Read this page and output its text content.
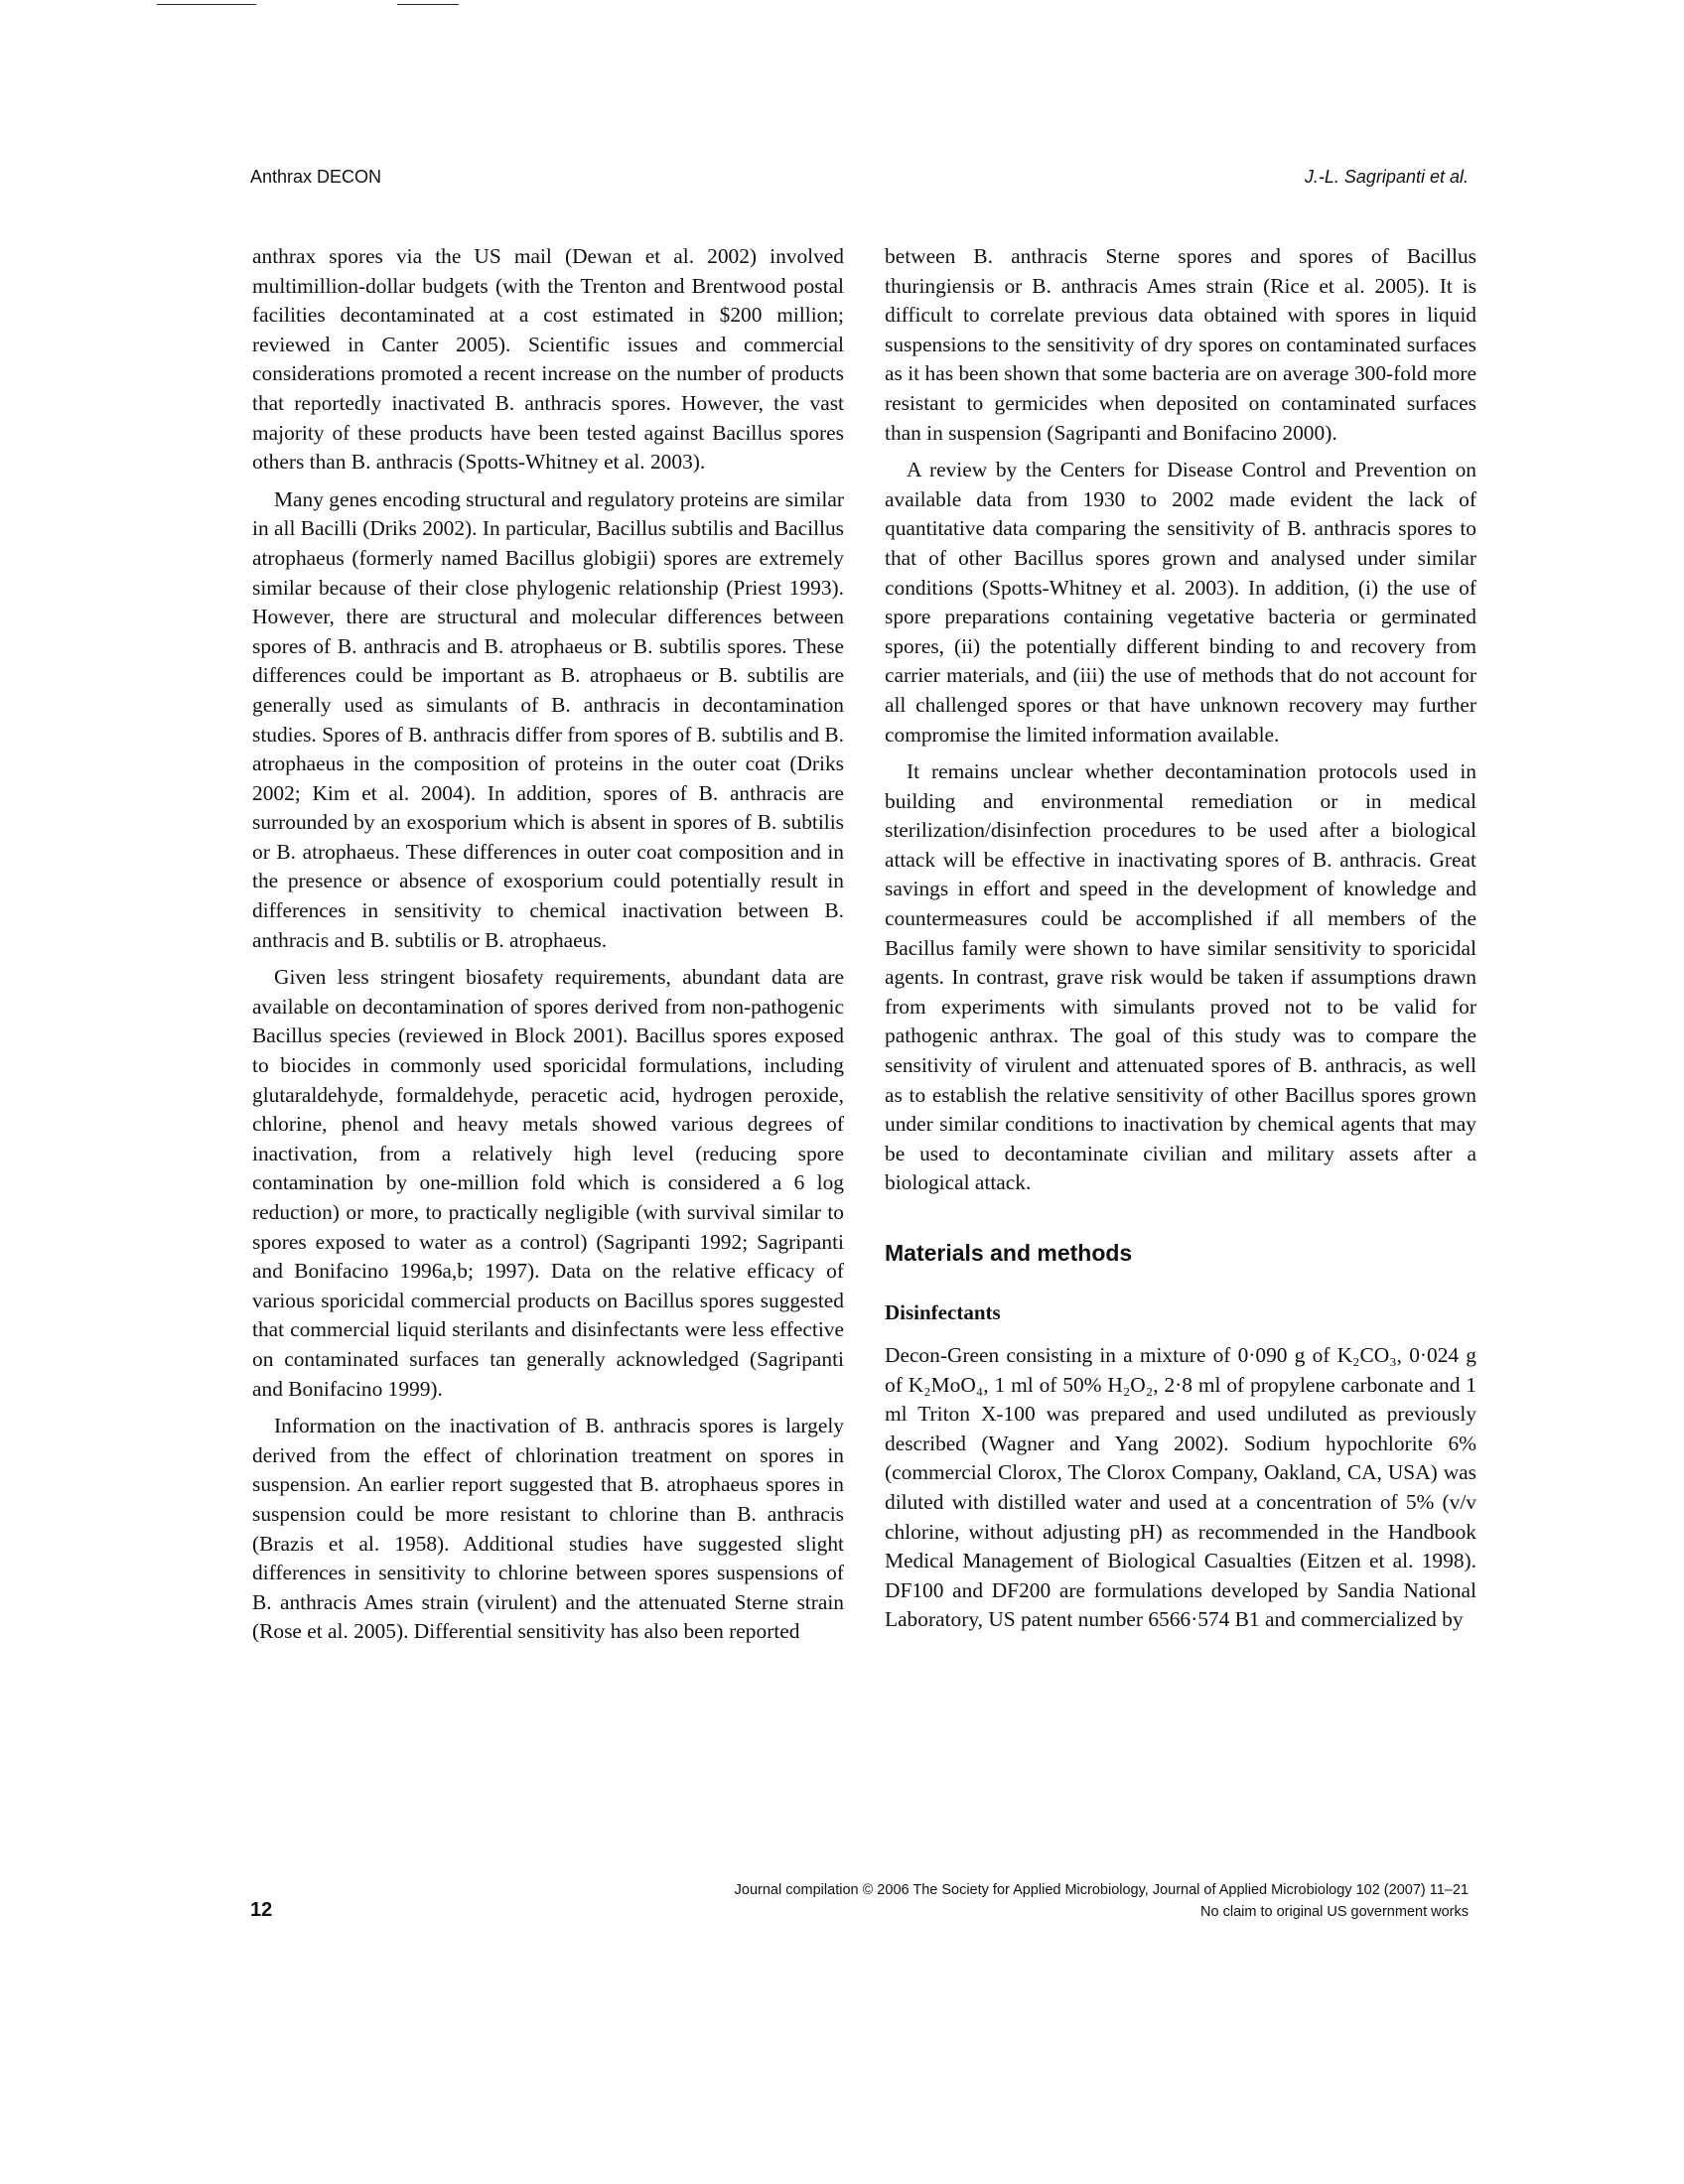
Anthrax DECON	J.-L. Sagripanti et al.

anthrax spores via the US mail (Dewan et al. 2002) involved multimillion-dollar budgets (with the Trenton and Brentwood postal facilities decontaminated at a cost estimated in $200 million; reviewed in Canter 2005). Scientific issues and commercial considerations promoted a recent increase on the number of products that reportedly inactivated B. anthracis spores. However, the vast majority of these products have been tested against Bacillus spores others than B. anthracis (Spotts-Whitney et al. 2003).

Many genes encoding structural and regulatory proteins are similar in all Bacilli (Driks 2002). In particular, Bacillus subtilis and Bacillus atrophaeus (formerly named Bacillus globigii) spores are extremely similar because of their close phylogenic relationship (Priest 1993). However, there are structural and molecular differences between spores of B. anthracis and B. atrophaeus or B. subtilis spores. These differences could be important as B. atrophaeus or B. subtilis are generally used as simulants of B. anthracis in decontamination studies. Spores of B. anthracis differ from spores of B. subtilis and B. atrophaeus in the composition of proteins in the outer coat (Driks 2002; Kim et al. 2004). In addition, spores of B. anthracis are surrounded by an exosporium which is absent in spores of B. subtilis or B. atrophaeus. These differences in outer coat composition and in the presence or absence of exosporium could potentially result in differences in sensitivity to chemical inactivation between B. anthracis and B. subtilis or B. atrophaeus.

Given less stringent biosafety requirements, abundant data are available on decontamination of spores derived from non-pathogenic Bacillus species (reviewed in Block 2001). Bacillus spores exposed to biocides in commonly used sporicidal formulations, including glutaraldehyde, formaldehyde, peracetic acid, hydrogen peroxide, chlorine, phenol and heavy metals showed various degrees of inactivation, from a relatively high level (reducing spore contamination by one-million fold which is considered a 6 log reduction) or more, to practically negligible (with survival similar to spores exposed to water as a control) (Sagripanti 1992; Sagripanti and Bonifacino 1996a,b; 1997). Data on the relative efficacy of various sporicidal commercial products on Bacillus spores suggested that commercial liquid sterilants and disinfectants were less effective on contaminated surfaces tan generally acknowledged (Sagripanti and Bonifacino 1999).

Information on the inactivation of B. anthracis spores is largely derived from the effect of chlorination treatment on spores in suspension. An earlier report suggested that B. atrophaeus spores in suspension could be more resistant to chlorine than B. anthracis (Brazis et al. 1958). Additional studies have suggested slight differences in sensitivity to chlorine between spores suspensions of B. anthracis Ames strain (virulent) and the attenuated Sterne strain (Rose et al. 2005). Differential sensitivity has also been reported

between B. anthracis Sterne spores and spores of Bacillus thuringiensis or B. anthracis Ames strain (Rice et al. 2005). It is difficult to correlate previous data obtained with spores in liquid suspensions to the sensitivity of dry spores on contaminated surfaces as it has been shown that some bacteria are on average 300-fold more resistant to germicides when deposited on contaminated surfaces than in suspension (Sagripanti and Bonifacino 2000).

A review by the Centers for Disease Control and Prevention on available data from 1930 to 2002 made evident the lack of quantitative data comparing the sensitivity of B. anthracis spores to that of other Bacillus spores grown and analysed under similar conditions (Spotts-Whitney et al. 2003). In addition, (i) the use of spore preparations containing vegetative bacteria or germinated spores, (ii) the potentially different binding to and recovery from carrier materials, and (iii) the use of methods that do not account for all challenged spores or that have unknown recovery may further compromise the limited information available.

It remains unclear whether decontamination protocols used in building and environmental remediation or in medical sterilization/disinfection procedures to be used after a biological attack will be effective in inactivating spores of B. anthracis. Great savings in effort and speed in the development of knowledge and countermeasures could be accomplished if all members of the Bacillus family were shown to have similar sensitivity to sporicidal agents. In contrast, grave risk would be taken if assumptions drawn from experiments with simulants proved not to be valid for pathogenic anthrax. The goal of this study was to compare the sensitivity of virulent and attenuated spores of B. anthracis, as well as to establish the relative sensitivity of other Bacillus spores grown under similar conditions to inactivation by chemical agents that may be used to decontaminate civilian and military assets after a biological attack.

Materials and methods
Disinfectants

Decon-Green consisting in a mixture of 0·090 g of K₂CO₃, 0·024 g of K₂MoO₄, 1 ml of 50% H₂O₂, 2·8 ml of propylene carbonate and 1 ml Triton X-100 was prepared and used undiluted as previously described (Wagner and Yang 2002). Sodium hypochlorite 6% (commercial Clorox, The Clorox Company, Oakland, CA, USA) was diluted with distilled water and used at a concentration of 5% (v/v chlorine, without adjusting pH) as recommended in the Handbook Medical Management of Biological Casualties (Eitzen et al. 1998). DF100 and DF200 are formulations developed by Sandia National Laboratory, US patent number 6566·574 B1 and commercialized by

12
Journal compilation © 2006 The Society for Applied Microbiology, Journal of Applied Microbiology 102 (2007) 11–21
No claim to original US government works
